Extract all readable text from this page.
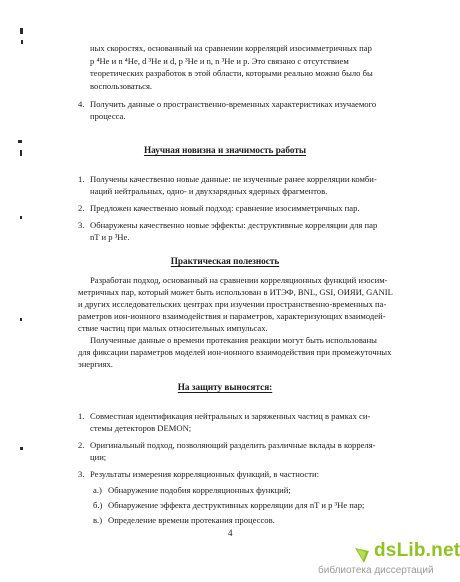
ных скоростях, основанный на сравнении корреляций изосимметричных пар
p ⁴He и n ⁴He, d ³He и d, p ³He и n, n ³He и p. Это связано с отсутствием
теоретических разработок в этой области, которыми реально можно было бы
воспользоваться.
4. Получить данные о пространственно-временных характеристиках изучаемого
процесса.
Научная новизна и значимость работы
1. Получены качественно новые данные: не изученные ранее корреляции комби-
наций нейтральных, одно- и двухзарядных ядерных фрагментов.
2. Предложен качественно новый подход: сравнение изосимметричных пар.
3. Обнаружены качественно новые эффекты: деструктивные корреляции для пар
nT и p ³He.
Практическая полезность
Разработан подход, основанный на сравнении корреляционных функций изосим-
метричных пар, который может быть использован в ИТЭФ, BNL, GSI, ОИЯИ, GANIL
и других исследовательских центрах при изучении пространственно-временных па-
раметров ион-ионного взаимодействия и параметров, характеризующих взаимодей-
ствие частиц при малых относительных импульсах.
Полученные данные о времени протекания реакции могут быть использованы
для фиксации параметров моделей ион-ионного взаимодействия при промежуточных
энергиях.
На защиту выносятся:
1. Совместная идентификация нейтральных и заряженных частиц в рамках си-
стемы детекторов DEMON;
2. Оригинальный подход, позволяющий разделить различные вклады в корреля-
ции;
3. Результаты измерения корреляционных функций, в частности:
а.) Обнаружение подобия корреляционных функций;
б.) Обнаружение эффекта деструктивных корреляции для nT и p ³He пар;
в.) Определение времени протекания процессов.
4
dsLib.net
библиотека диссертаций
